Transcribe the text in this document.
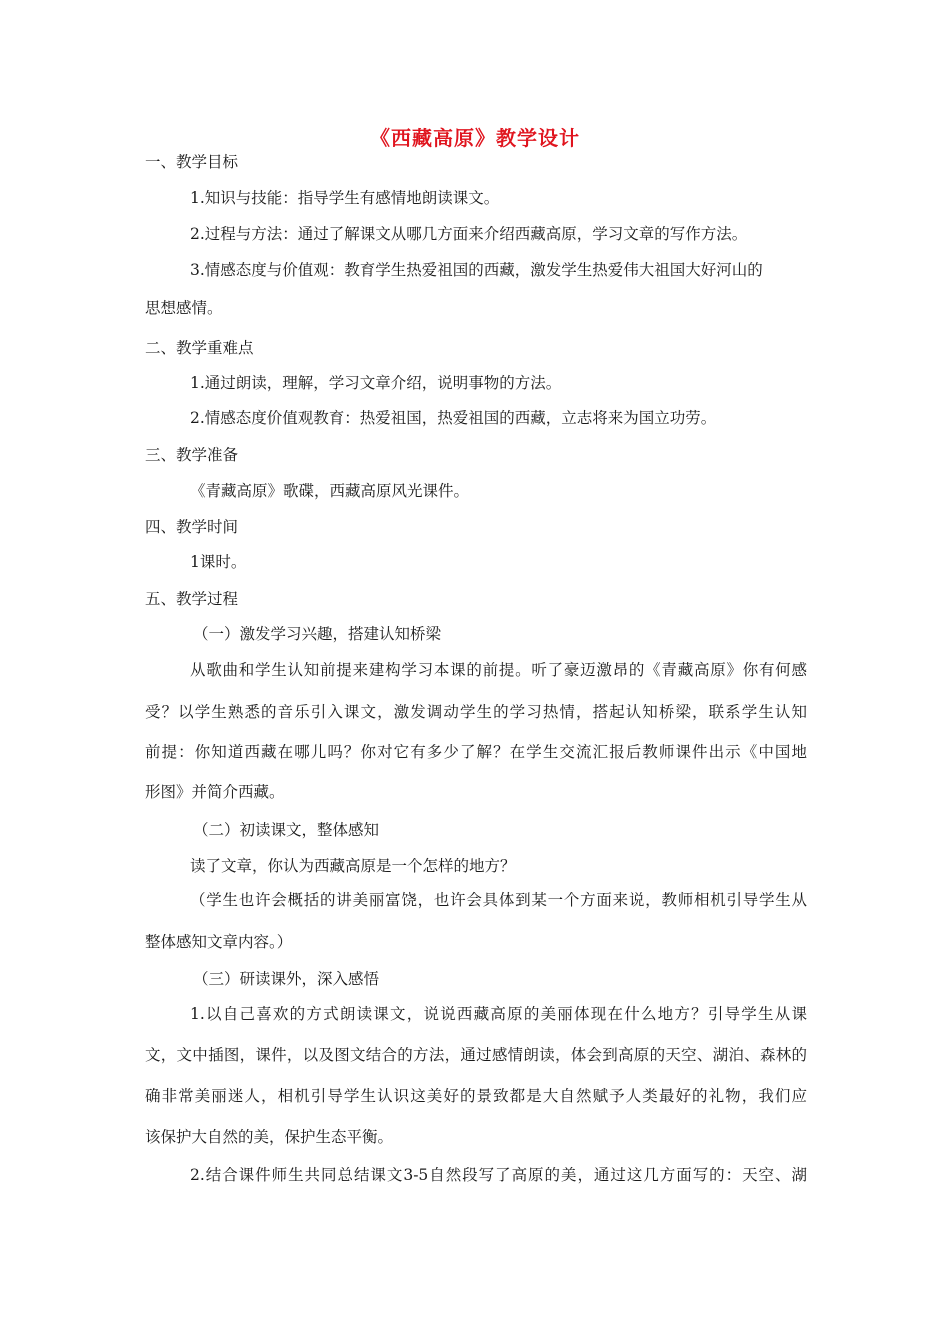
《西藏高原》教学设计
一、教学目标
1.知识与技能：指导学生有感情地朗读课文。
2.过程与方法：通过了解课文从哪几方面来介绍西藏高原，学习文章的写作方法。
3.情感态度与价值观：教育学生热爱祖国的西藏，激发学生热爱伟大祖国大好河山的
思想感情。
二、教学重难点
1.通过朗读，理解，学习文章介绍，说明事物的方法。
2.情感态度价值观教育：热爱祖国，热爱祖国的西藏，立志将来为国立功劳。
三、教学准备
《青藏高原》歌碟，西藏高原风光课件。
四、教学时间
1课时。
五、教学过程
（一）激发学习兴趣，搭建认知桥梁
从歌曲和学生认知前提来建构学习本课的前提。听了豪迈激昂的《青藏高原》你有何感
受？以学生熟悉的音乐引入课文，激发调动学生的学习热情，搭起认知桥梁，联系学生认知
前提：你知道西藏在哪儿吗？你对它有多少了解？在学生交流汇报后教师课件出示《中国地
形图》并简介西藏。
（二）初读课文，整体感知
读了文章，你认为西藏高原是一个怎样的地方？
（学生也许会概括的讲美丽富饶，也许会具体到某一个方面来说，教师相机引导学生从
整体感知文章内容。）
（三）研读课外，深入感悟
1.以自己喜欢的方式朗读课文，说说西藏高原的美丽体现在什么地方？引导学生从课
文，文中插图，课件，以及图文结合的方法，通过感情朗读，体会到高原的天空、湖泊、森林的
确非常美丽迷人，相机引导学生认识这美好的景致都是大自然赋予人类最好的礼物，我们应
该保护大自然的美，保护生态平衡。
2.结合课件师生共同总结课文3-5自然段写了高原的美，通过这几方面写的：天空、湖
